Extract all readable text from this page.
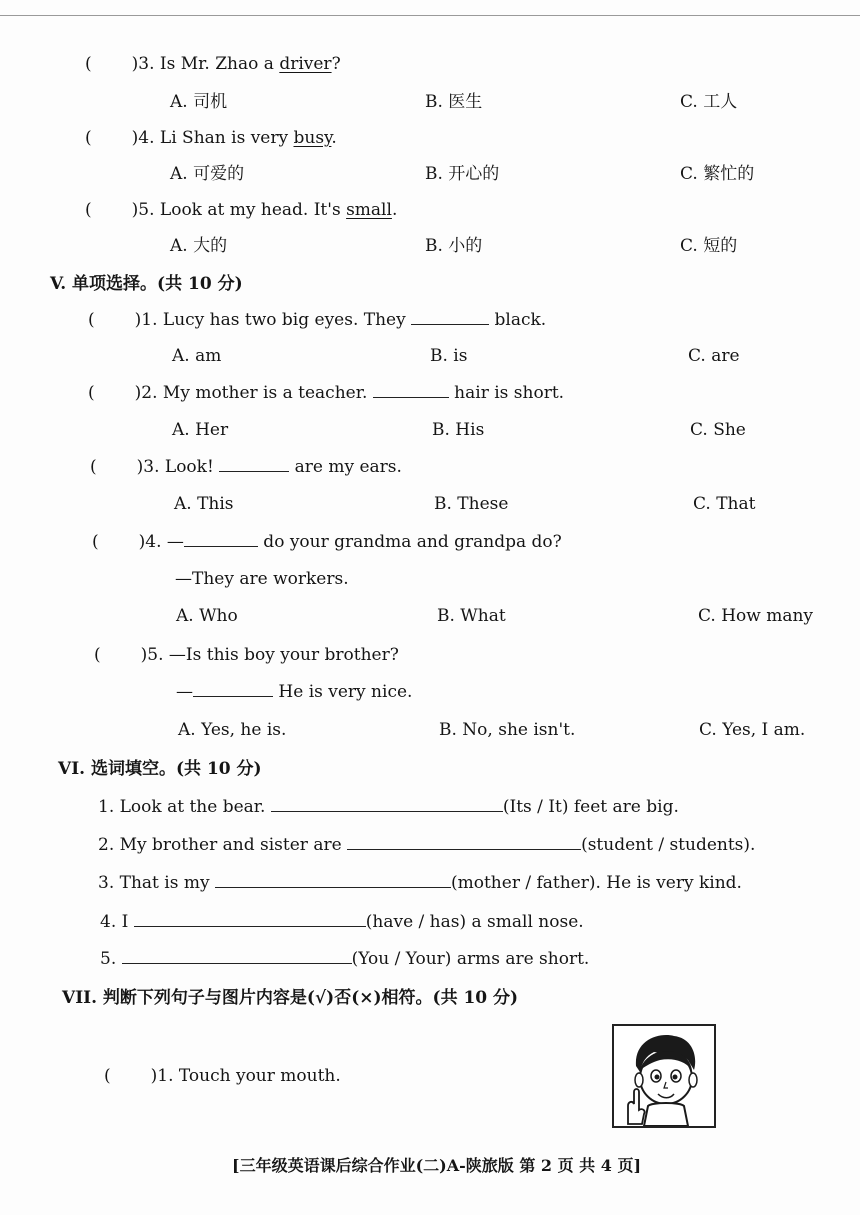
( )3. Is Mr. Zhao a driver?
A. 司机	B. 医生	C. 工人
( )4. Li Shan is very busy.
A. 可爱的	B. 开心的	C. 繁忙的
( )5. Look at my head. It's small.
A. 大的	B. 小的	C. 短的
V. 单项选择。(共 10 分)
( )1. Lucy has two big eyes. They	black.
A. am	B. is	C. are
( )2. My mother is a teacher.	hair is short.
A. Her	B. His	C. She
( )3. Look!	are my ears.
A. This	B. These	C. That
( )4. —	do your grandma and grandpa do?
—They are workers.
A. Who	B. What	C. How many
( )5. —Is this boy your brother?
—	He is very nice.
A. Yes, he is.	B. No, she isn't.	C. Yes, I am.
VI. 选词填空。(共 10 分)
1. Look at the bear.	(Its / It) feet are big.
2. My brother and sister are	(student / students).
3. That is my	(mother / father). He is very kind.
4. I	(have / has) a small nose.
5.	(You / Your) arms are short.
VII. 判断下列句子与图片内容是(√)否(×)相符。(共 10 分)
( )1. Touch your mouth.
[三年级英语课后综合作业(二)A-陕旅版 第 2 页 共 4 页]
